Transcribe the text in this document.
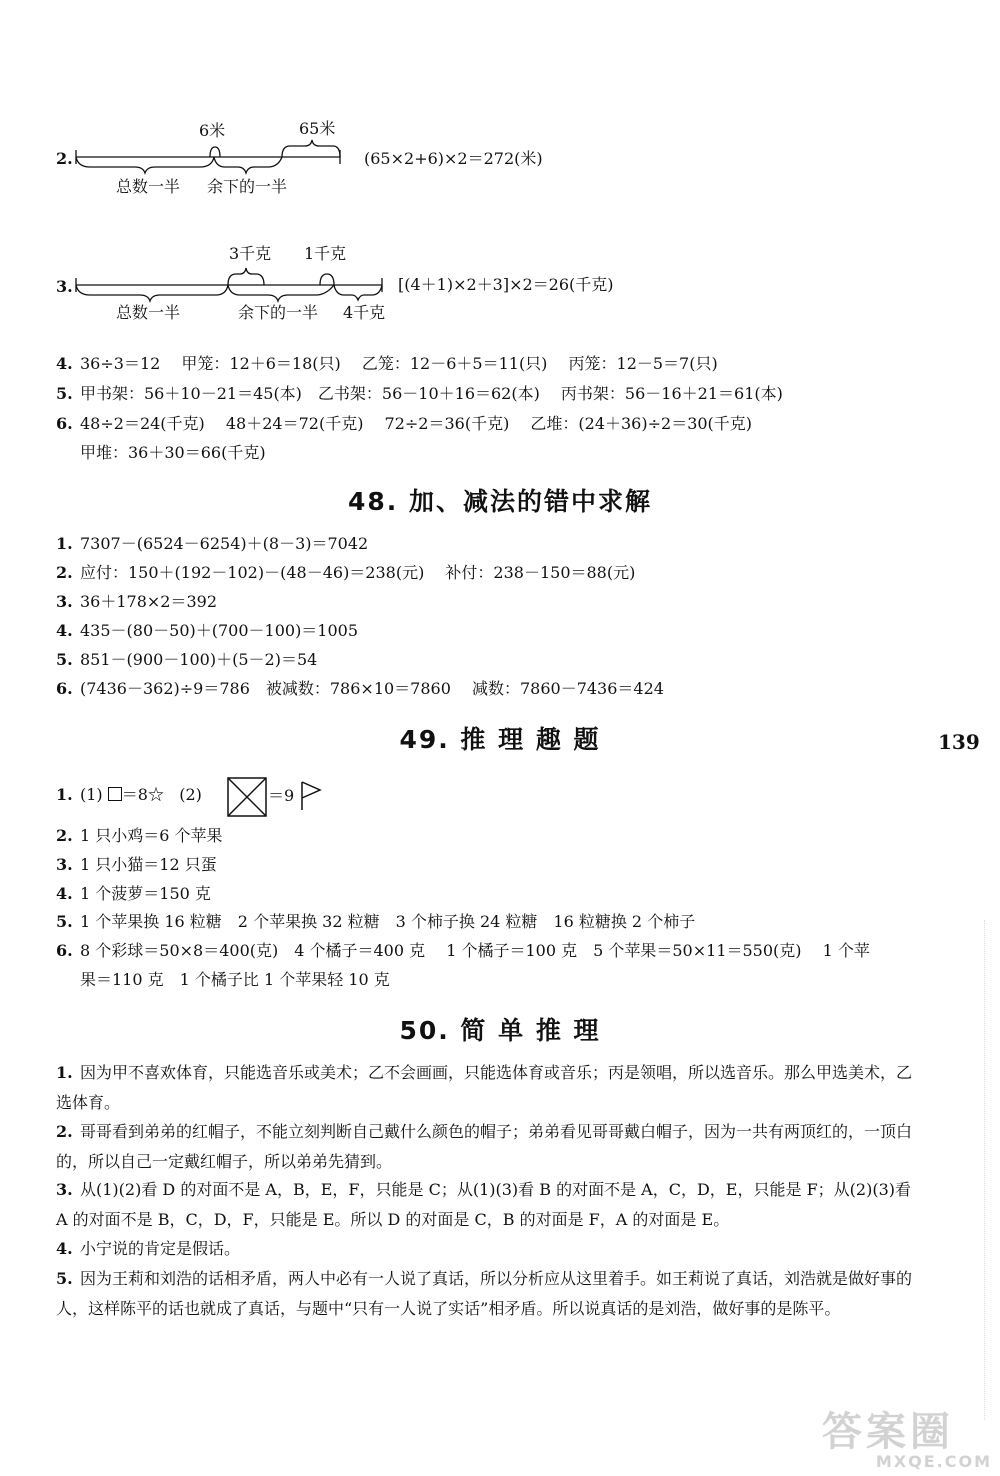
2.
6米	65米
总数一半 余下的一半
(65×2+6)×2＝272(米)
3.
3千克 1千克
总数一半	余下的一半 4千克
[(4＋1)×2＋3]×2＝26(千克)
4. 36÷3＝12　 甲笼：12＋6＝18(只)　 乙笼：12－6＋5＝11(只)　 丙笼：12－5＝7(只)
5. 甲书架：56＋10－21＝45(本)　乙书架：56－10＋16＝62(本)　 丙书架：56－16＋21＝61(本)
6. 48÷2＝24(千克)　 48＋24＝72(千克)　 72÷2＝36(千克)　 乙堆：(24＋36)÷2＝30(千克)
甲堆：36＋30＝66(千克)
48. 加、减法的错中求解
1. 7307－(6524－6254)＋(8－3)＝7042
2. 应付：150＋(192－102)－(48－46)＝238(元)　 补付：238－150＝88(元)
3. 36＋178×2＝392
4. 435－(80－50)＋(700－100)＝1005
5. 851－(900－100)＋(5－2)＝54
6. (7436－362)÷9＝786　被减数：786×10＝7860　 减数：7860－7436＝424
49. 推 理 趣 题	139
1. (1) ＝8☆ (2)	＝9
2. 1 只小鸡＝6 个苹果
3. 1 只小猫＝12 只蛋
4. 1 个菠萝＝150 克
5. 1 个苹果换 16 粒糖　2 个苹果换 32 粒糖　3 个柿子换 24 粒糖　16 粒糖换 2 个柿子
6. 8 个彩球＝50×8＝400(克)　4 个橘子＝400 克　 1 个橘子＝100 克　5 个苹果＝50×11＝550(克)　 1 个苹
果＝110 克　1 个橘子比 1 个苹果轻 10 克
50. 简 单 推 理
1. 因为甲不喜欢体育，只能选音乐或美术；乙不会画画，只能选体育或音乐；丙是领唱，所以选音乐。那么甲选美术，乙选体育。
2. 哥哥看到弟弟的红帽子，不能立刻判断自己戴什么颜色的帽子；弟弟看见哥哥戴白帽子，因为一共有两顶红的，一顶白的，所以自己一定戴红帽子，所以弟弟先猜到。
3. 从(1)(2)看 D 的对面不是 A，B，E，F，只能是 C；从(1)(3)看 B 的对面不是 A，C，D，E，只能是 F；从(2)(3)看 A 的对面不是 B，C，D，F，只能是 E。所以 D 的对面是 C，B 的对面是 F，A 的对面是 E。
4. 小宁说的肯定是假话。
5. 因为王莉和刘浩的话相矛盾，两人中必有一人说了真话，所以分析应从这里着手。如王莉说了真话，刘浩就是做好事的人，这样陈平的话也就成了真话，与题中“只有一人说了实话”相矛盾。所以说真话的是刘浩，做好事的是陈平。
答案圈
MXQE.COM
